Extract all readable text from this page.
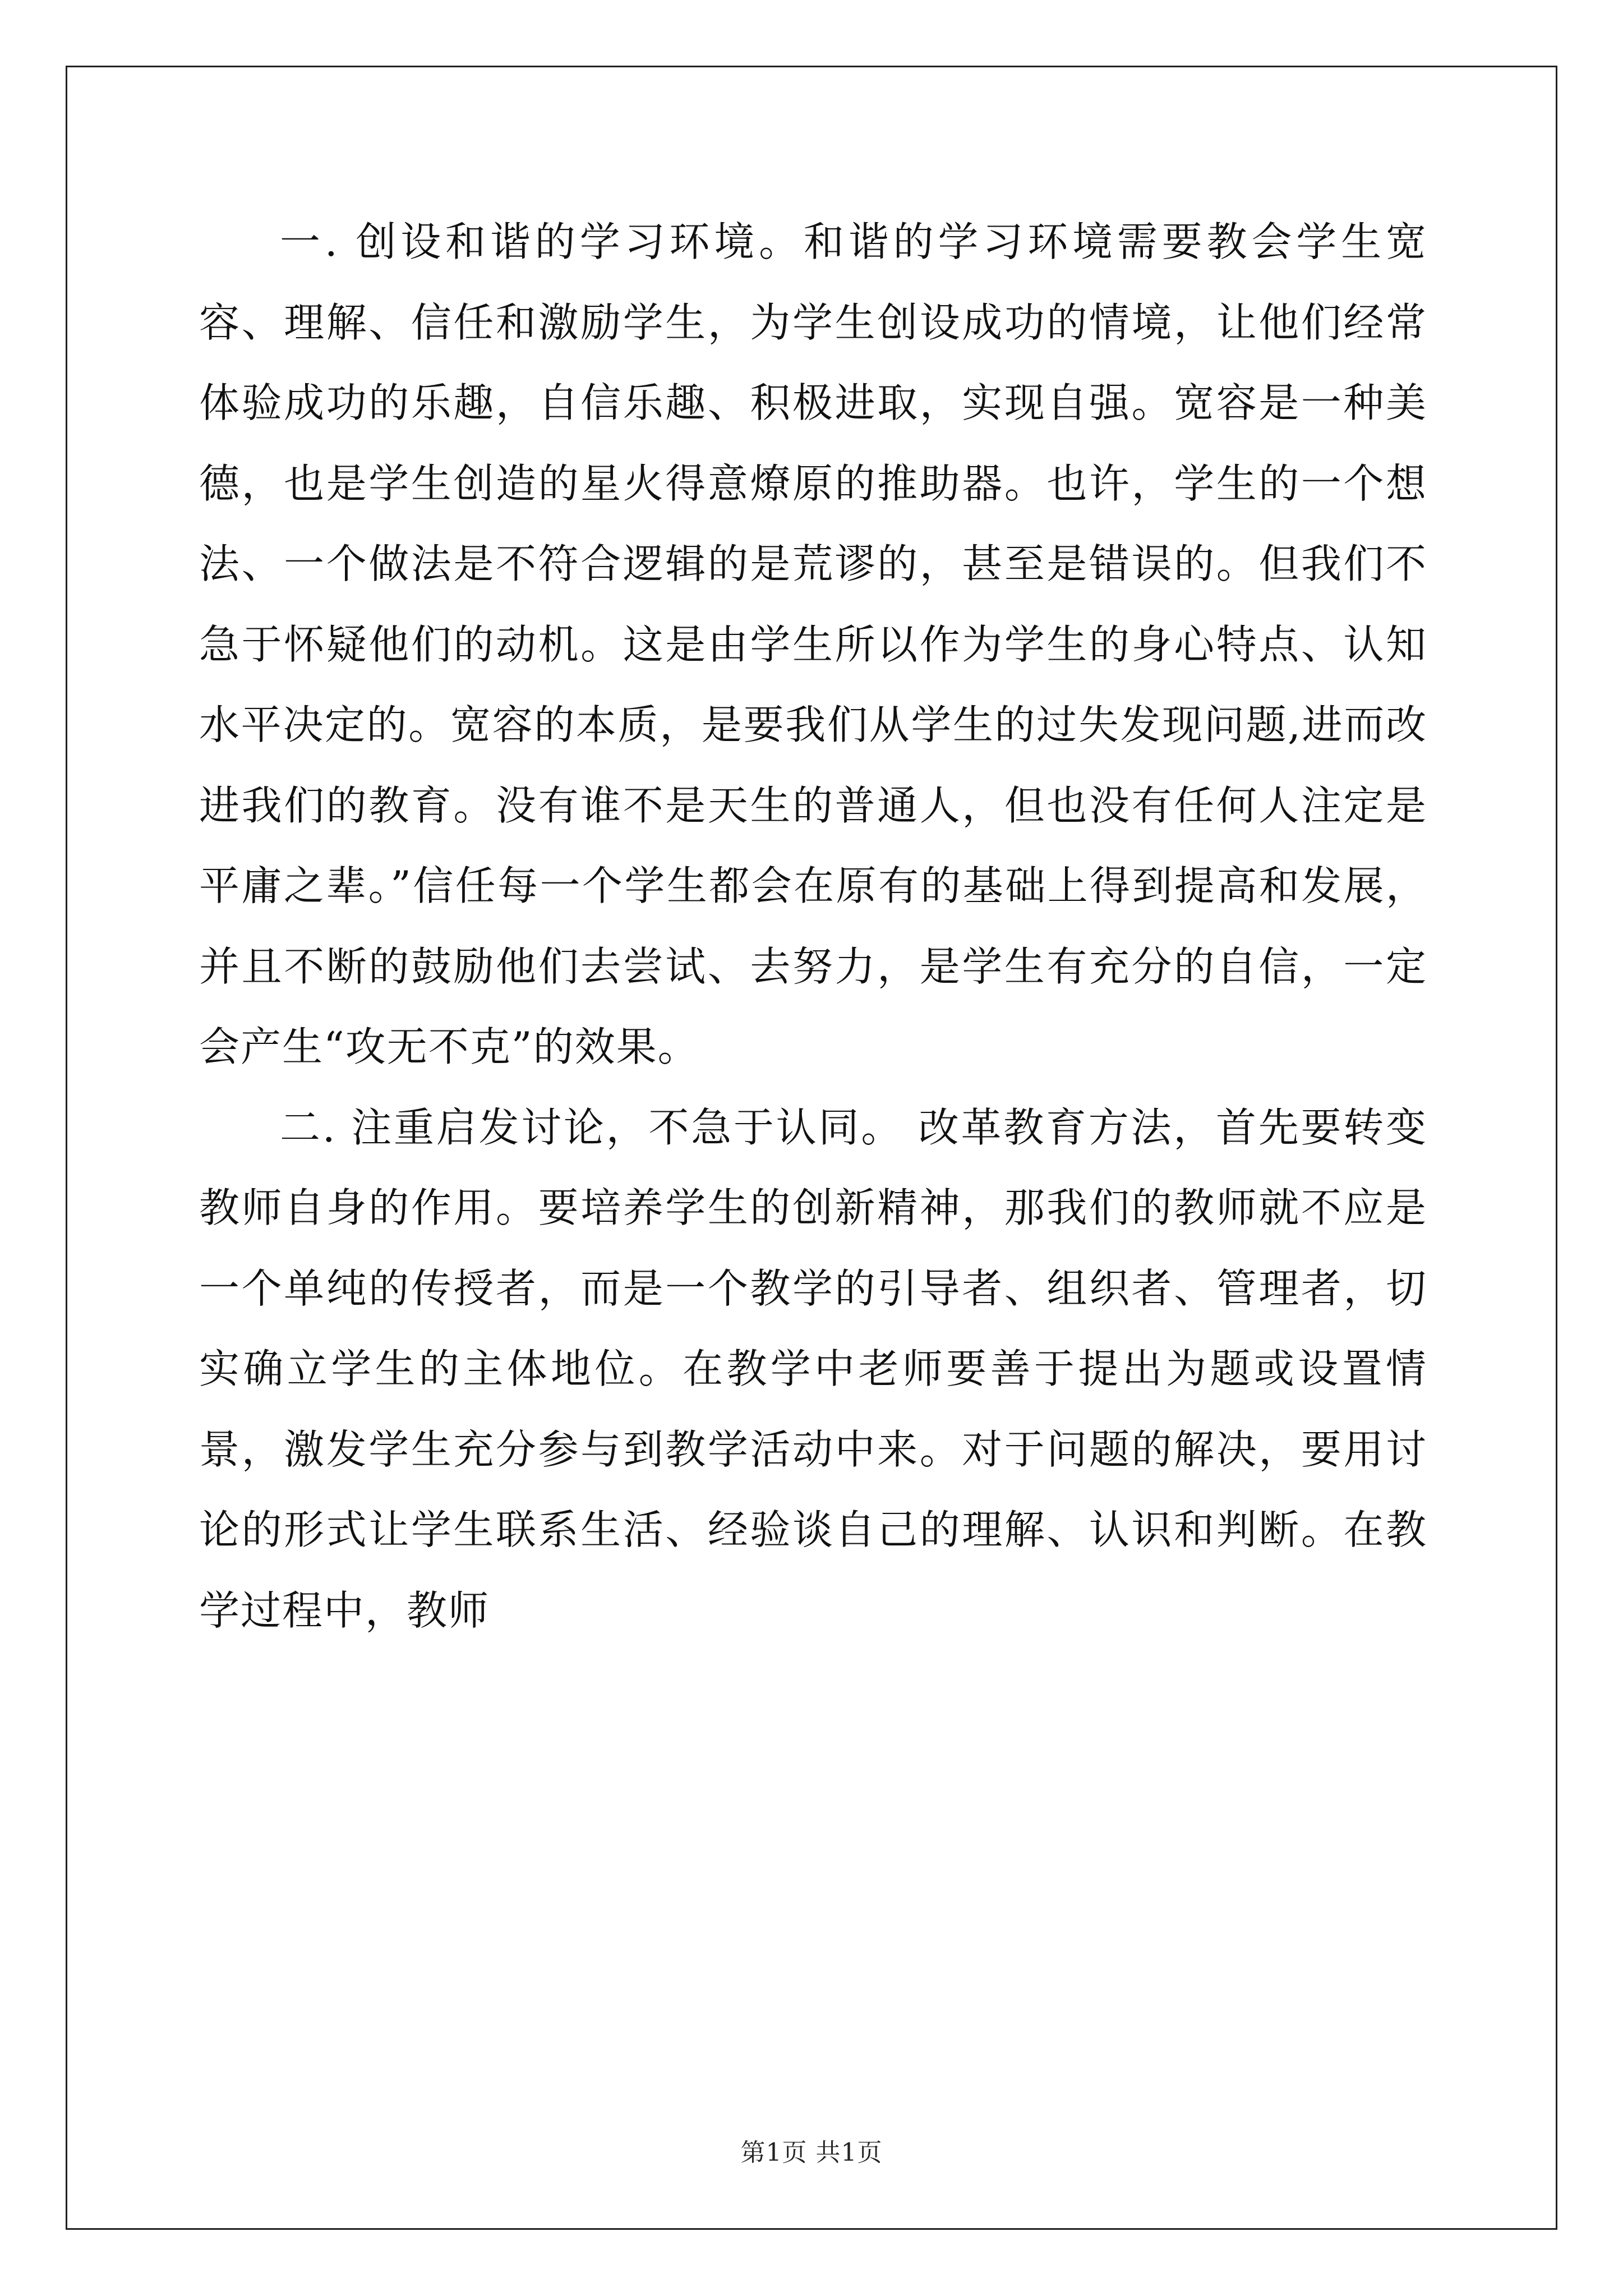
一. 创设和谐的学习环境。和谐的学习环境需要教会学生宽容、理解、信任和激励学生，为学生创设成功的情境，让他们经常体验成功的乐趣，自信乐趣、积极进取，实现自强。宽容是一种美德，也是学生创造的星火得意燎原的推助器。也许，学生的一个想法、一个做法是不符合逻辑的是荒谬的，甚至是错误的。但我们不急于怀疑他们的动机。这是由学生所以作为学生的身心特点、认知水平决定的。宽容的本质，是要我们从学生的过失发现问题,进而改进我们的教育。没有谁不是天生的普通人，但也没有任何人注定是平庸之辈。”信任每一个学生都会在原有的基础上得到提高和发展，并且不断的鼓励他们去尝试、去努力，是学生有充分的自信，一定会产生“攻无不克”的效果。

二. 注重启发讨论，不急于认同。 改革教育方法，首先要转变教师自身的作用。要培养学生的创新精神，那我们的教师就不应是一个单纯的传授者，而是一个教学的引导者、组织者、管理者，切实确立学生的主体地位。在教学中老师要善于提出为题或设置情景，激发学生充分参与到教学活动中来。对于问题的解决，要用讨论的形式让学生联系生活、经验谈自己的理解、认识和判断。在教学过程中，教师

第1页 共1页
